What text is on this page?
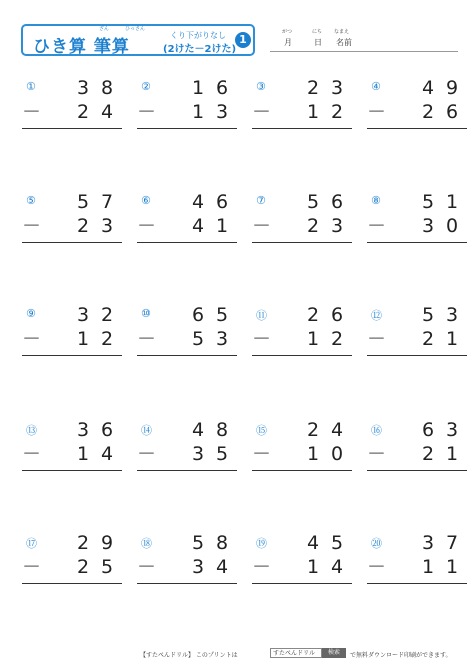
ざん	ひっさん
ひき算 筆算
くり下がりなし
(2けた－2けた)
1
がつ
月
にち
日
なまえ
名前
① 3 8
2 4
－
② 1 6
1 3
－
③ 2 3
1 2
－
④ 4 9
2 6
－
⑤ 5 7
2 3
－
⑥ 4 6
4 1
－
⑦ 5 6
2 3
－
⑧ 5 1
3 0
－
⑨ 3 2
1 2
－
⑩ 6 5
5 3
－
⑪ 2 6
1 2
－
⑫ 5 3
2 1
－
⑬ 3 6
1 4
－
⑭ 4 8
3 5
－
⑮ 2 4
1 0
－
⑯ 6 3
2 1
－
⑰ 2 9
2 5
－
⑱ 5 8
3 4
－
⑲ 4 5
1 4
－
⑳ 3 7
1 1
－
【すたぺんドリル】 このプリントは	すたぺんドリル	検索	で無料ダウンロード印刷ができます。
